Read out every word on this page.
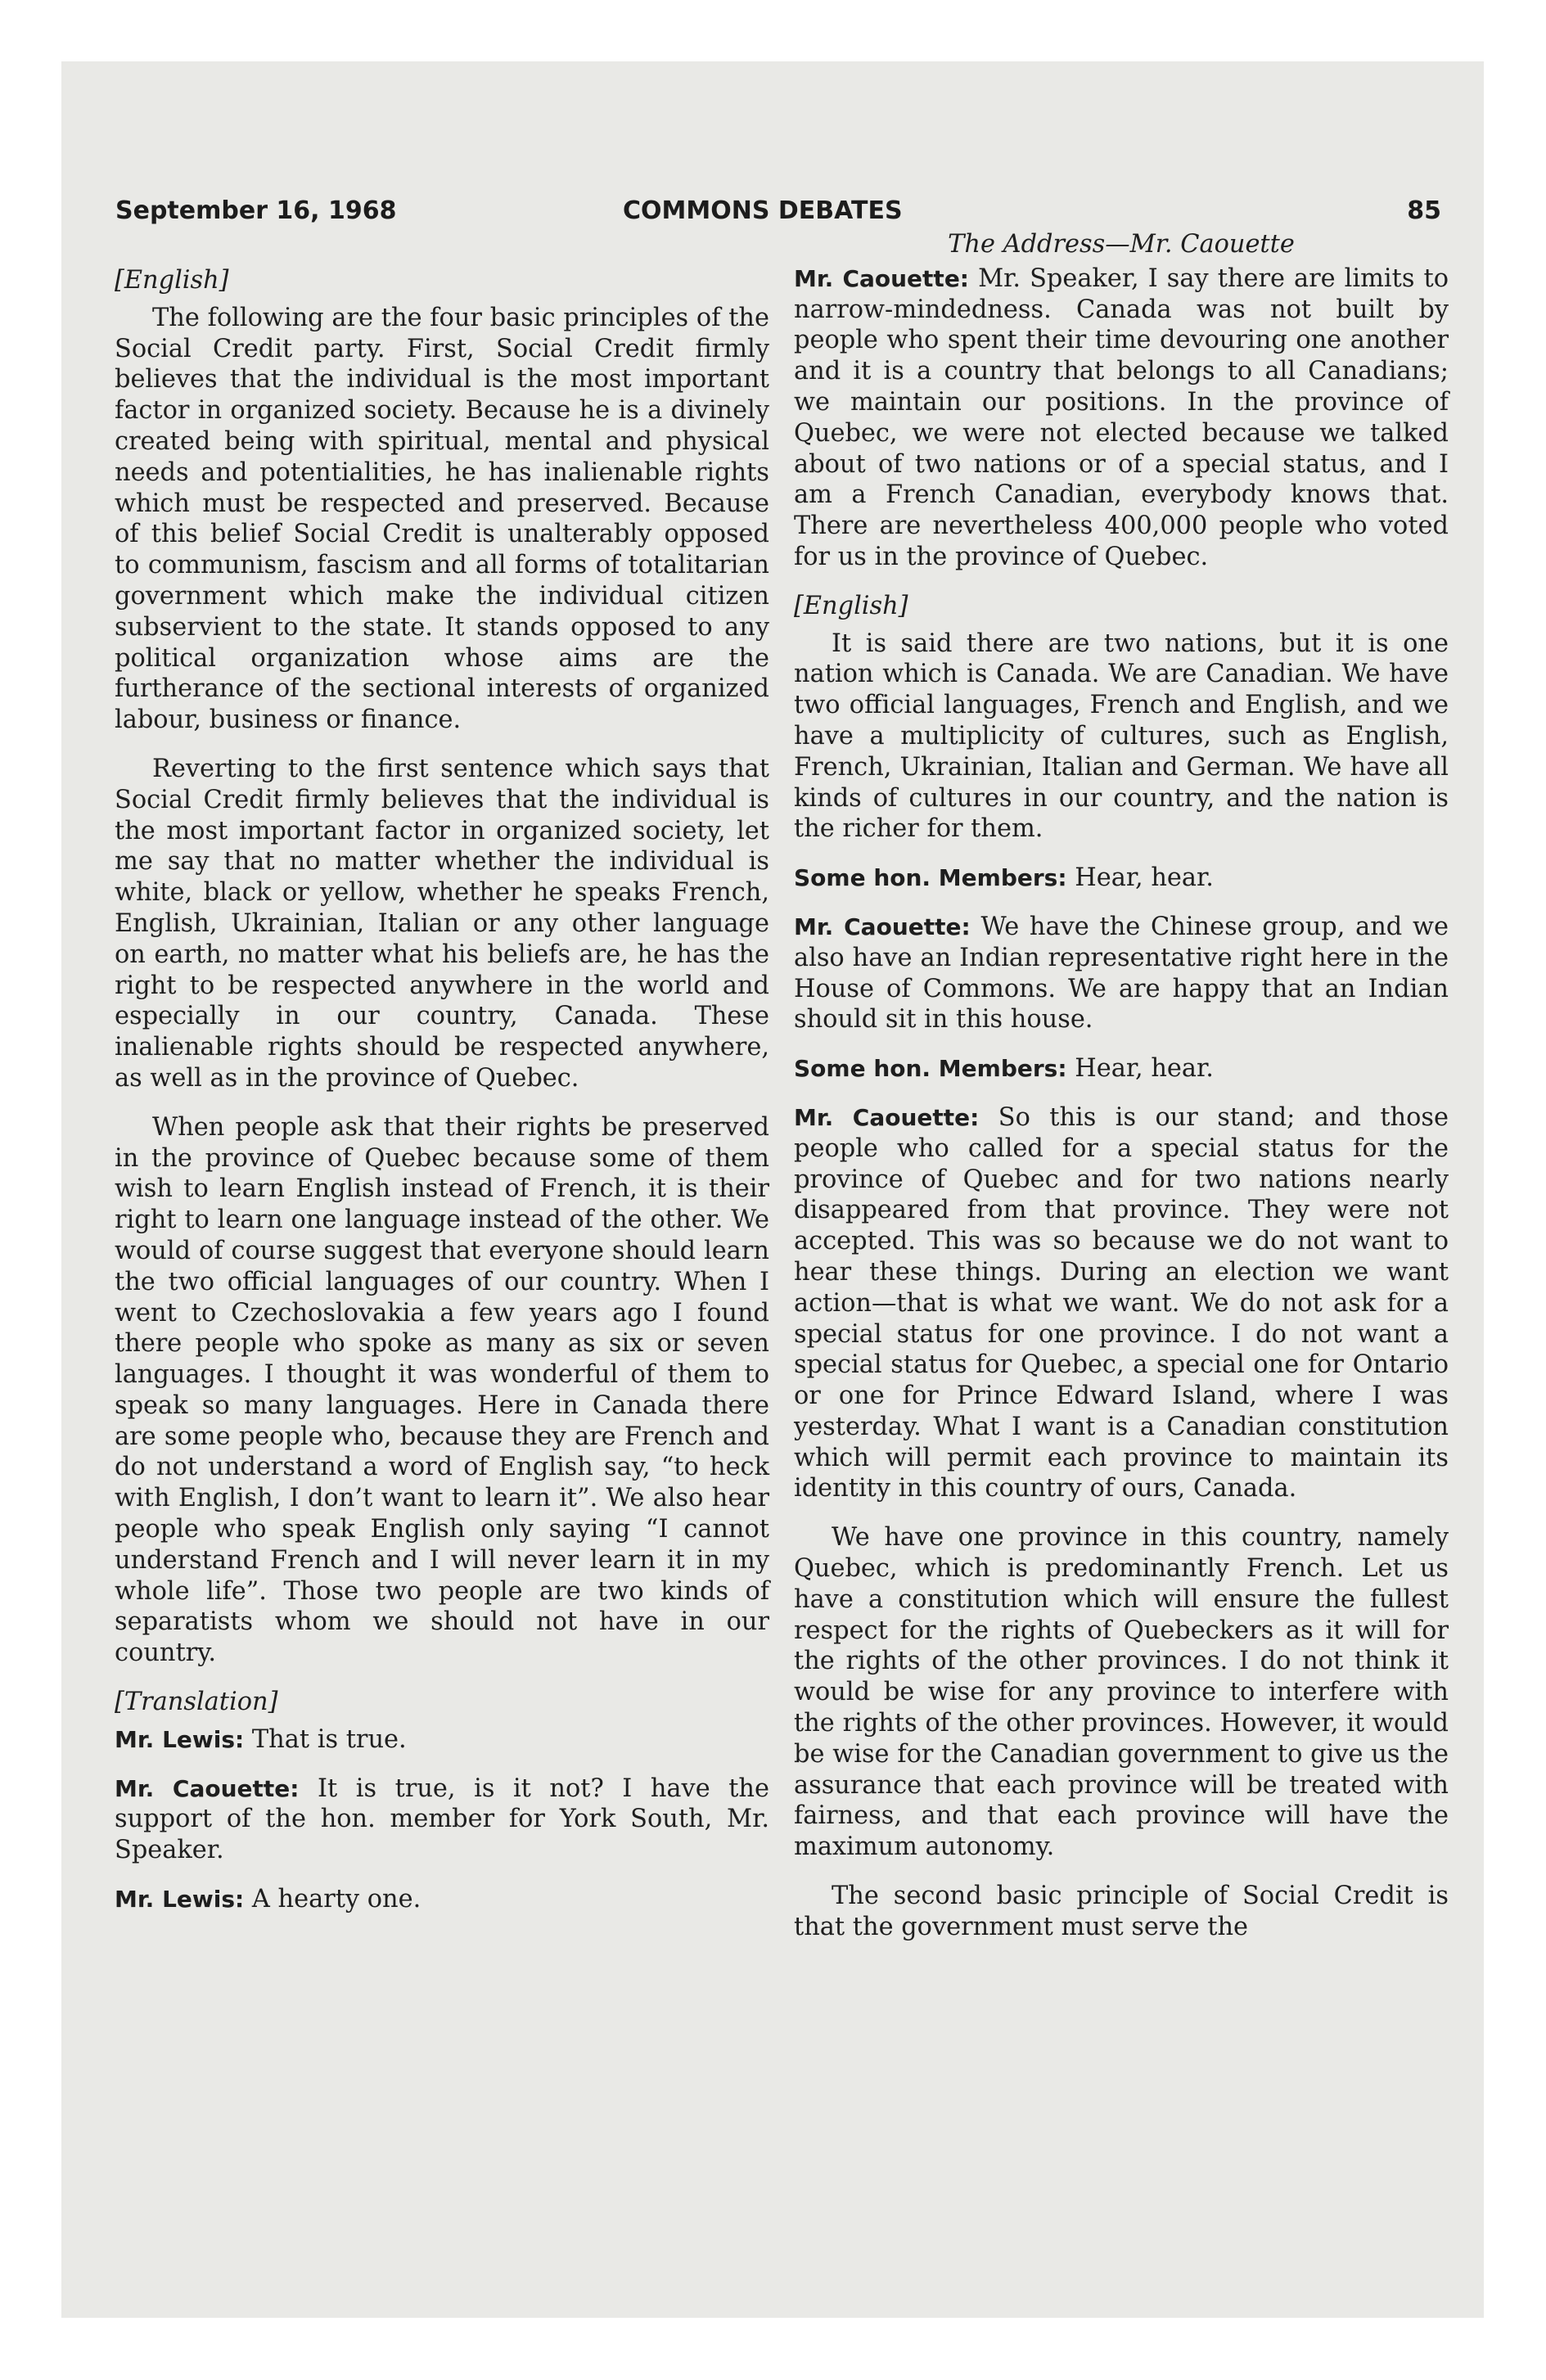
September 16, 1968	COMMONS DEBATES	85

[English]

The following are the four basic principles of the Social Credit party. First, Social Credit firmly believes that the individual is the most important factor in organized society. Because he is a divinely created being with spiritual, mental and physical needs and potentialities, he has inalienable rights which must be respected and preserved. Because of this belief Social Credit is unalterably opposed to communism, fascism and all forms of totalitarian government which make the individual citizen subservient to the state. It stands opposed to any political organization whose aims are the furtherance of the sectional interests of organized labour, business or finance.

Reverting to the first sentence which says that Social Credit firmly believes that the individual is the most important factor in organized society, let me say that no matter whether the individual is white, black or yellow, whether he speaks French, English, Ukrainian, Italian or any other language on earth, no matter what his beliefs are, he has the right to be respected anywhere in the world and especially in our country, Canada. These inalienable rights should be respected anywhere, as well as in the province of Quebec.

When people ask that their rights be preserved in the province of Quebec because some of them wish to learn English instead of French, it is their right to learn one language instead of the other. We would of course suggest that everyone should learn the two official languages of our country. When I went to Czechoslovakia a few years ago I found there people who spoke as many as six or seven languages. I thought it was wonderful of them to speak so many languages. Here in Canada there are some people who, because they are French and do not understand a word of English say, “to heck with English, I don’t want to learn it”. We also hear people who speak English only saying “I cannot understand French and I will never learn it in my whole life”. Those two people are two kinds of separatists whom we should not have in our country.

[Translation]

Mr. Lewis: That is true.

Mr. Caouette: It is true, is it not? I have the support of the hon. member for York South, Mr. Speaker.

Mr. Lewis: A hearty one.

The Address—Mr. Caouette

Mr. Caouette: Mr. Speaker, I say there are limits to narrow-mindedness. Canada was not built by people who spent their time devouring one another and it is a country that belongs to all Canadians; we maintain our positions. In the province of Quebec, we were not elected because we talked about of two nations or of a special status, and I am a French Canadian, everybody knows that. There are nevertheless 400,000 people who voted for us in the province of Quebec.

[English]

It is said there are two nations, but it is one nation which is Canada. We are Canadian. We have two official languages, French and English, and we have a multiplicity of cultures, such as English, French, Ukrainian, Italian and German. We have all kinds of cultures in our country, and the nation is the richer for them.

Some hon. Members: Hear, hear.

Mr. Caouette: We have the Chinese group, and we also have an Indian representative right here in the House of Commons. We are happy that an Indian should sit in this house.

Some hon. Members: Hear, hear.

Mr. Caouette: So this is our stand; and those people who called for a special status for the province of Quebec and for two nations nearly disappeared from that province. They were not accepted. This was so because we do not want to hear these things. During an election we want action—that is what we want. We do not ask for a special status for one province. I do not want a special status for Quebec, a special one for Ontario or one for Prince Edward Island, where I was yesterday. What I want is a Canadian constitution which will permit each province to maintain its identity in this country of ours, Canada.

We have one province in this country, namely Quebec, which is predominantly French. Let us have a constitution which will ensure the fullest respect for the rights of Quebeckers as it will for the rights of the other provinces. I do not think it would be wise for any province to interfere with the rights of the other provinces. However, it would be wise for the Canadian government to give us the assurance that each province will be treated with fairness, and that each province will have the maximum autonomy.

The second basic principle of Social Credit is that the government must serve the
